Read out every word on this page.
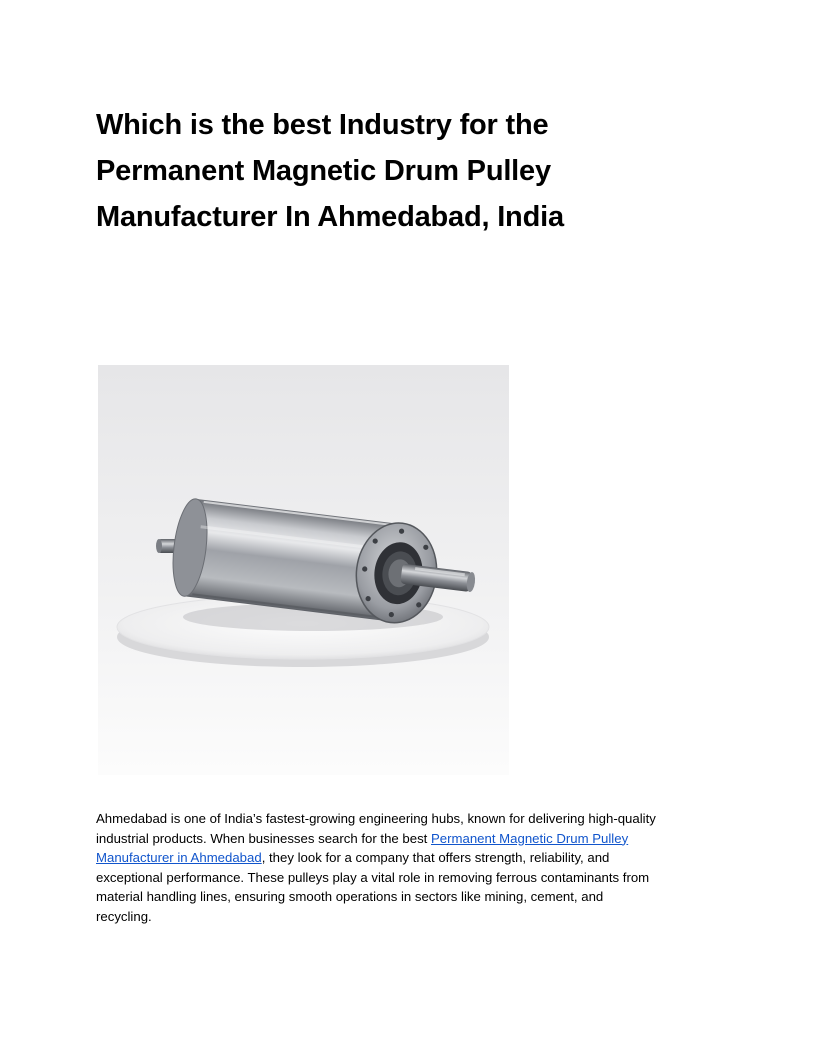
Which is the best Industry for the
Permanent Magnetic Drum Pulley
Manufacturer In Ahmedabad, India

Ahmedabad is one of India’s fastest-growing engineering hubs, known for delivering high-quality
industrial products. When businesses search for the best Permanent Magnetic Drum Pulley
Manufacturer in Ahmedabad, they look for a company that offers strength, reliability, and
exceptional performance. These pulleys play a vital role in removing ferrous contaminants from
material handling lines, ensuring smooth operations in sectors like mining, cement, and
recycling.
